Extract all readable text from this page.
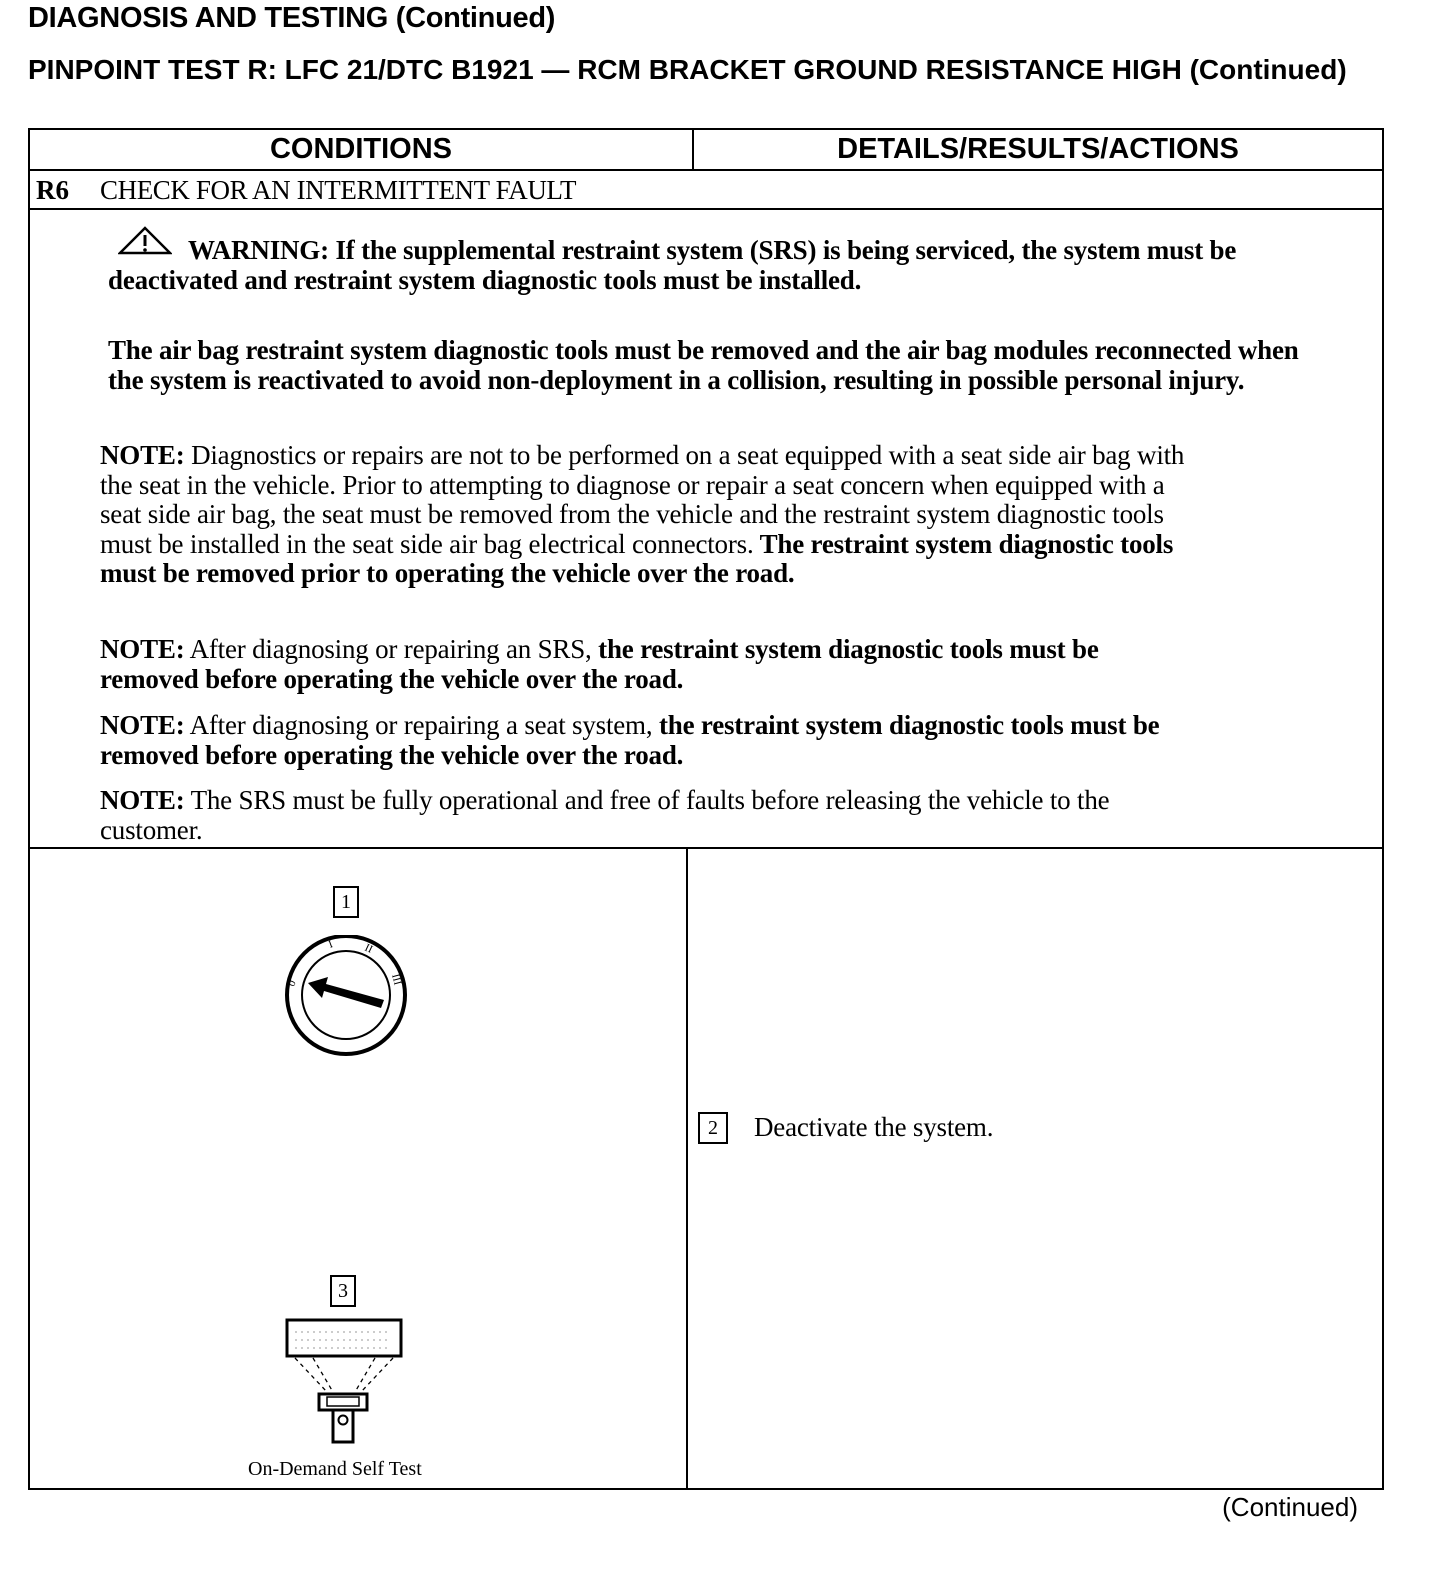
DIAGNOSIS AND TESTING (Continued)
PINPOINT TEST R: LFC 21/DTC B1921 — RCM BRACKET GROUND RESISTANCE HIGH (Continued)
CONDITIONS	DETAILS/RESULTS/ACTIONS
R6 CHECK FOR AN INTERMITTENT FAULT
WARNING: If the supplemental restraint system (SRS) is being serviced, the system must be deactivated and restraint system diagnostic tools must be installed.
The air bag restraint system diagnostic tools must be removed and the air bag modules reconnected when the system is reactivated to avoid non-deployment in a collision, resulting in possible personal injury.
NOTE: Diagnostics or repairs are not to be performed on a seat equipped with a seat side air bag with the seat in the vehicle. Prior to attempting to diagnose or repair a seat concern when equipped with a seat side air bag, the seat must be removed from the vehicle and the restraint system diagnostic tools must be installed in the seat side air bag electrical connectors. The restraint system diagnostic tools must be removed prior to operating the vehicle over the road.
NOTE: After diagnosing or repairing an SRS, the restraint system diagnostic tools must be removed before operating the vehicle over the road.
NOTE: After diagnosing or repairing a seat system, the restraint system diagnostic tools must be removed before operating the vehicle over the road.
NOTE: The SRS must be fully operational and free of faults before releasing the vehicle to the customer.
1
0
I	II
III
3
On-Demand Self Test
2	Deactivate the system.
(Continued)
